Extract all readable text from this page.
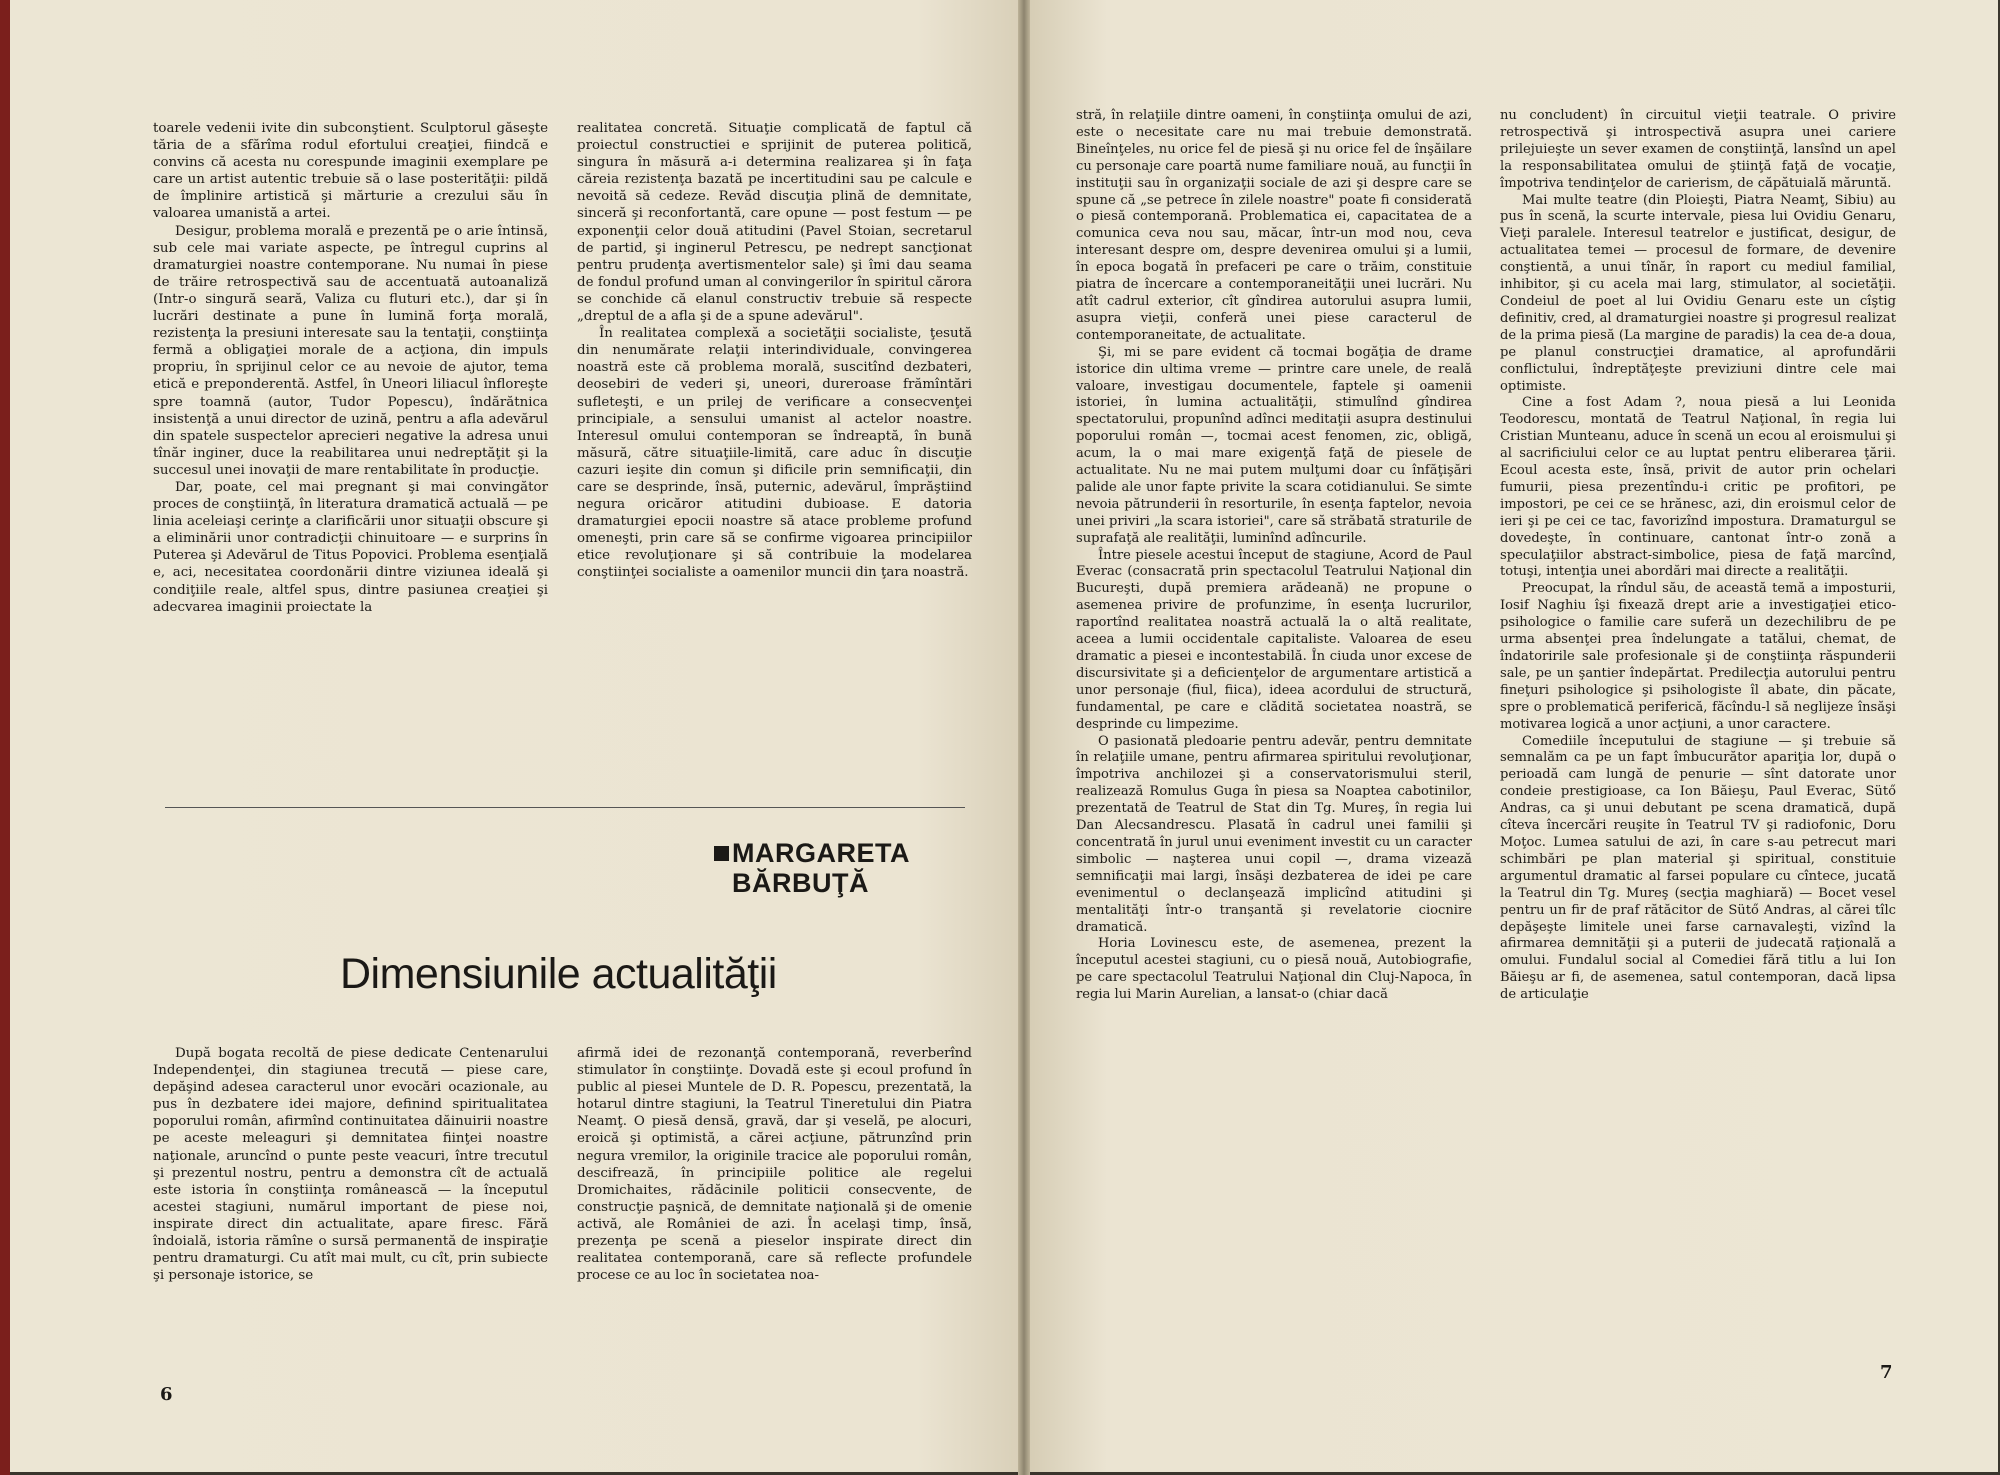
toarele vedenii ivite din subconştient. Sculptorul găseşte tăria de a sfărîma rodul efortului creaţiei, fiindcă e convins că acesta nu corespunde imaginii exemplare pe care un artist autentic trebuie să o lase posterităţii: pildă de împlinire artistică şi mărturie a crezului său în valoarea umanistă a artei.

Desigur, problema morală e prezentă pe o arie întinsă, sub cele mai variate aspecte, pe întregul cuprins al dramaturgiei noastre contemporane. Nu numai în piese de trăire retrospectivă sau de accentuată autoanaliză (Intr-o singură seară, Valiza cu fluturi etc.), dar şi în lucrări destinate a pune în lumină forţa morală, rezistenţa la presiuni interesate sau la tentaţii, conştiinţa fermă a obligaţiei morale de a acţiona, din impuls propriu, în sprijinul celor ce au nevoie de ajutor, tema etică e preponderentă. Astfel, în Uneori liliacul înfloreşte spre toamnă (autor, Tudor Popescu), îndărătnica insistenţă a unui director de uzină, pentru a afla adevărul din spatele suspectelor aprecieri negative la adresa unui tînăr inginer, duce la reabilitarea unui nedreptăţit şi la succesul unei inovaţii de mare rentabilitate în producţie.

Dar, poate, cel mai pregnant şi mai convingător proces de conştiinţă, în literatura dramatică actuală — pe linia aceleiaşi cerinţe a clarificării unor situaţii obscure şi a eliminării unor contradicţii chinuitoare — e surprins în Puterea şi Adevărul de Titus Popovici. Problema esenţială e, aci, necesitatea coordonării dintre viziunea ideală şi condiţiile reale, altfel spus, dintre pasiunea creaţiei şi adecvarea imaginii proiectate la

realitatea concretă. Situaţie complicată de faptul că proiectul constructiei e sprijinit de puterea politică, singura în măsură a-i determina realizarea şi în faţa căreia rezistenţa bazată pe incertitudini sau pe calcule e nevoită să cedeze. Revăd discuţia plină de demnitate, sinceră şi reconfortantă, care opune — post festum — pe exponenţii celor două atitudini (Pavel Stoian, secretarul de partid, şi inginerul Petrescu, pe nedrept sancţionat pentru prudenţa avertismentelor sale) şi îmi dau seama de fondul profund uman al convingerilor în spiritul cărora se conchide că elanul constructiv trebuie să respecte „dreptul de a afla şi de a spune adevărul".

În realitatea complexă a societăţii socialiste, ţesută din nenumărate relaţii interindividuale, convingerea noastră este că problema morală, suscitînd dezbateri, deosebiri de vederi şi, uneori, dureroase frămîntări sufleteşti, e un prilej de verificare a consecvenţei principiale, a sensului umanist al actelor noastre. Interesul omului contemporan se îndreaptă, în bună măsură, către situaţiile-limită, care aduc în discuţie cazuri ieşite din comun şi dificile prin semnificaţii, din care se desprinde, însă, puternic, adevărul, împrăştiind negura oricăror atitudini dubioase. E datoria dramaturgiei epocii noastre să atace probleme profund omeneşti, prin care să se confirme vigoarea principiilor etice revoluţionare şi să contribuie la modelarea conştiinţei socialiste a oamenilor muncii din ţara noastră.

MARGARETA
BĂRBUŢĂ
Dimensiunile actualităţii

După bogata recoltă de piese dedicate Centenarului Independenţei, din stagiunea trecută — piese care, depăşind adesea caracterul unor evocări ocazionale, au pus în dezbatere idei majore, definind spiritualitatea poporului român, afirmînd continuitatea dăinuirii noastre pe aceste meleaguri şi demnitatea fiinţei noastre naţionale, aruncînd o punte peste veacuri, între trecutul şi prezentul nostru, pentru a demonstra cît de actuală este istoria în conştiinţa românească — la începutul acestei stagiuni, numărul important de piese noi, inspirate direct din actualitate, apare firesc. Fără îndoială, istoria rămîne o sursă permanentă de inspiraţie pentru dramaturgi. Cu atît mai mult, cu cît, prin subiecte şi personaje istorice, se

afirmă idei de rezonanţă contemporană, reverberînd stimulator în conştiinţe. Dovadă este şi ecoul profund în public al piesei Muntele de D. R. Popescu, prezentată, la hotarul dintre stagiuni, la Teatrul Tineretului din Piatra Neamţ. O piesă densă, gravă, dar şi veselă, pe alocuri, eroică şi optimistă, a cărei acţiune, pătrunzînd prin negura vremilor, la originile tracice ale poporului român, descifrează, în principiile politice ale regelui Dromichaites, rădăcinile politicii consecvente, de construcţie paşnică, de demnitate naţională şi de omenie activă, ale României de azi. În acelaşi timp, însă, prezenţa pe scenă a pieselor inspirate direct din realitatea contemporană, care să reflecte profundele procese ce au loc în societatea noa-

6

stră, în relaţiile dintre oameni, în conştiinţa omului de azi, este o necesitate care nu mai trebuie demonstrată. Bineînţeles, nu orice fel de piesă şi nu orice fel de înşăilare cu personaje care poartă nume familiare nouă, au funcţii în instituţii sau în organizaţii sociale de azi şi despre care se spune că „se petrece în zilele noastre" poate fi considerată o piesă contemporană. Problematica ei, capacitatea de a comunica ceva nou sau, măcar, într-un mod nou, ceva interesant despre om, despre devenirea omului şi a lumii, în epoca bogată în prefaceri pe care o trăim, constituie piatra de încercare a contemporaneităţii unei lucrări. Nu atît cadrul exterior, cît gîndirea autorului asupra lumii, asupra vieţii, conferă unei piese caracterul de contemporaneitate, de actualitate.

Şi, mi se pare evident că tocmai bogăţia de drame istorice din ultima vreme — printre care unele, de reală valoare, investigau documentele, faptele şi oamenii istoriei, în lumina actualităţii, stimulînd gîndirea spectatorului, propunînd adînci meditaţii asupra destinului poporului român —, tocmai acest fenomen, zic, obligă, acum, la o mai mare exigenţă faţă de piesele de actualitate. Nu ne mai putem mulţumi doar cu înfăţişări palide ale unor fapte privite la scara cotidianului. Se simte nevoia pătrunderii în resorturile, în esenţa faptelor, nevoia unei priviri „la scara istoriei", care să străbată straturile de suprafaţă ale realităţii, luminînd adîncurile.

Între piesele acestui început de stagiune, Acord de Paul Everac (consacrată prin spectacolul Teatrului Naţional din Bucureşti, după premiera arădeană) ne propune o asemenea privire de profunzime, în esenţa lucrurilor, raportînd realitatea noastră actuală la o altă realitate, aceea a lumii occidentale capitaliste. Valoarea de eseu dramatic a piesei e incontestabilă. În ciuda unor excese de discursivitate şi a deficienţelor de argumentare artistică a unor personaje (fiul, fiica), ideea acordului de structură, fundamental, pe care e clădită societatea noastră, se desprinde cu limpezime.

O pasionată pledoarie pentru adevăr, pentru demnitate în relaţiile umane, pentru afirmarea spiritului revoluţionar, împotriva anchilozei şi a conservatorismului steril, realizează Romulus Guga în piesa sa Noaptea cabotinilor, prezentată de Teatrul de Stat din Tg. Mureş, în regia lui Dan Alecsandrescu. Plasată în cadrul unei familii şi concentrată în jurul unui eveniment investit cu un caracter simbolic — naşterea unui copil —, drama vizează semnificaţii mai largi, însăşi dezbaterea de idei pe care evenimentul o declanşează implicînd atitudini şi mentalităţi într-o tranşantă şi revelatorie ciocnire dramatică.

Horia Lovinescu este, de asemenea, prezent la începutul acestei stagiuni, cu o piesă nouă, Autobiografie, pe care spectacolul Teatrului Naţional din Cluj-Napoca, în regia lui Marin Aurelian, a lansat-o (chiar dacă

nu concludent) în circuitul vieţii teatrale. O privire retrospectivă şi introspectivă asupra unei cariere prilejuieşte un sever examen de conştiinţă, lansînd un apel la responsabilitatea omului de ştiinţă faţă de vocaţie, împotriva tendinţelor de carierism, de căpătuială măruntă.

Mai multe teatre (din Ploieşti, Piatra Neamţ, Sibiu) au pus în scenă, la scurte intervale, piesa lui Ovidiu Genaru, Vieţi paralele. Interesul teatrelor e justificat, desigur, de actualitatea temei — procesul de formare, de devenire conştientă, a unui tînăr, în raport cu mediul familial, inhibitor, şi cu acela mai larg, stimulator, al societăţii. Condeiul de poet al lui Ovidiu Genaru este un cîştig definitiv, cred, al dramaturgiei noastre şi progresul realizat de la prima piesă (La margine de paradis) la cea de-a doua, pe planul construcţiei dramatice, al aprofundării conflictului, îndreptăţeşte previziuni dintre cele mai optimiste.

Cine a fost Adam ?, noua piesă a lui Leonida Teodorescu, montată de Teatrul Naţional, în regia lui Cristian Munteanu, aduce în scenă un ecou al eroismului şi al sacrificiului celor ce au luptat pentru eliberarea ţării. Ecoul acesta este, însă, privit de autor prin ochelari fumurii, piesa prezentîndu-i critic pe profitori, pe impostori, pe cei ce se hrănesc, azi, din eroismul celor de ieri şi pe cei ce tac, favorizînd impostura. Dramaturgul se dovedeşte, în continuare, cantonat într-o zonă a speculaţiilor abstract-simbolice, piesa de faţă marcînd, totuşi, intenţia unei abordări mai directe a realităţii.

Preocupat, la rîndul său, de această temă a imposturii, Iosif Naghiu îşi fixează drept arie a investigaţiei etico-psihologice o familie care suferă un dezechilibru de pe urma absenţei prea îndelungate a tatălui, chemat, de îndatoririle sale profesionale şi de conştiinţa răspunderii sale, pe un şantier îndepărtat. Predilecţia autorului pentru fineţuri psihologice şi psihologiste îl abate, din păcate, spre o problematică periferică, făcîndu-l să neglijeze însăşi motivarea logică a unor acţiuni, a unor caractere.

Comediile începutului de stagiune — şi trebuie să semnalăm ca pe un fapt îmbucurător apariţia lor, după o perioadă cam lungă de penurie — sînt datorate unor condeie prestigioase, ca Ion Băieşu, Paul Everac, Sütő Andras, ca şi unui debutant pe scena dramatică, după cîteva încercări reuşite în Teatrul TV şi radiofonic, Doru Moţoc. Lumea satului de azi, în care s-au petrecut mari schimbări pe plan material şi spiritual, constituie argumentul dramatic al farsei populare cu cîntece, jucată la Teatrul din Tg. Mureş (secţia maghiară) — Bocet vesel pentru un fir de praf rătăcitor de Sütő Andras, al cărei tîlc depăşeşte limitele unei farse carnavaleşti, vizînd la afirmarea demnităţii şi a puterii de judecată raţională a omului. Fundalul social al Comediei fără titlu a lui Ion Băieşu ar fi, de asemenea, satul contemporan, dacă lipsa de articulaţie

7
